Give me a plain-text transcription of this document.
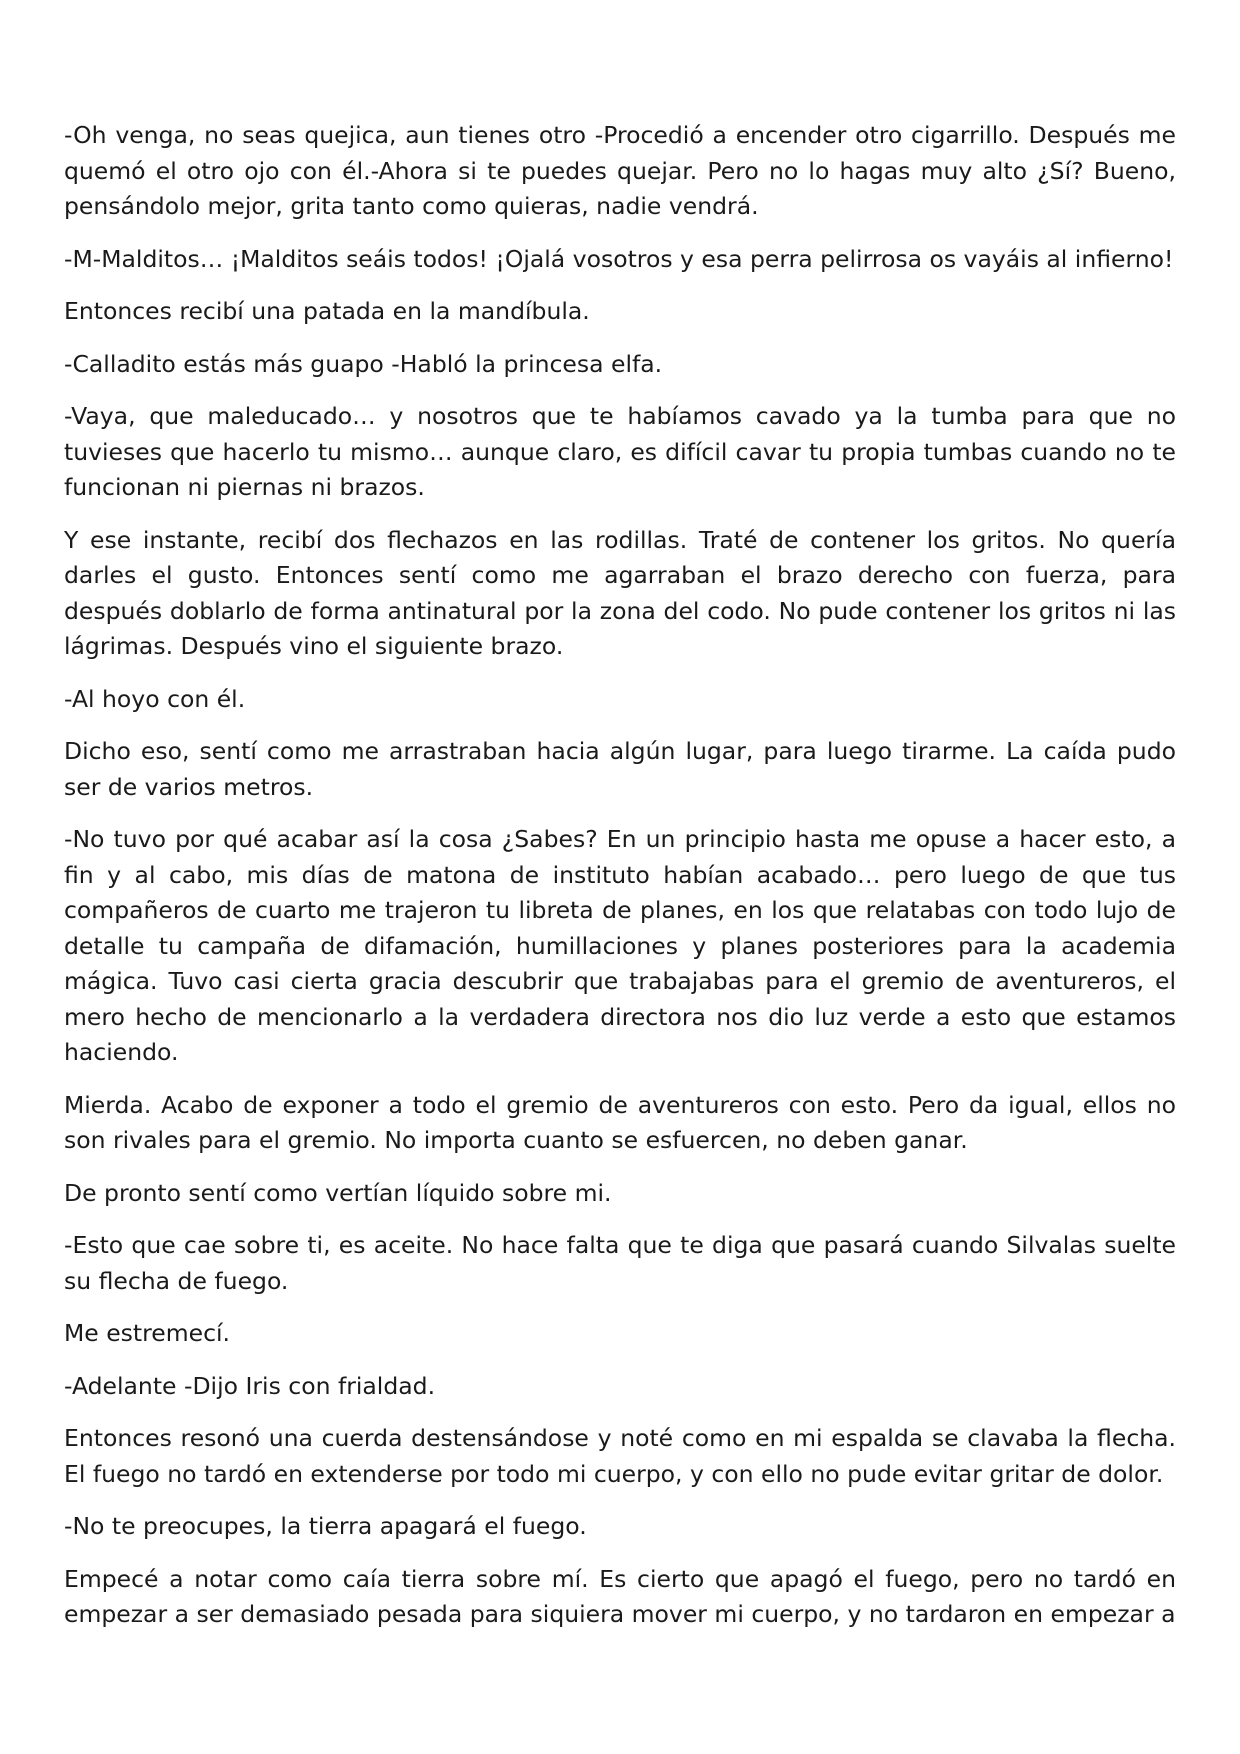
-Oh venga, no seas quejica, aun tienes otro -Procedió a encender otro cigarrillo. Después me quemó el otro ojo con él.-Ahora si te puedes quejar. Pero no lo hagas muy alto ¿Sí? Bueno, pensándolo mejor, grita tanto como quieras, nadie vendrá.

-M-Malditos… ¡Malditos seáis todos! ¡Ojalá vosotros y esa perra pelirrosa os vayáis al infierno!

Entonces recibí una patada en la mandíbula.

-Calladito estás más guapo -Habló la princesa elfa.

-Vaya, que maleducado… y nosotros que te habíamos cavado ya la tumba para que no tuvieses que hacerlo tu mismo… aunque claro, es difícil cavar tu propia tumbas cuando no te funcionan ni piernas ni brazos.

Y ese instante, recibí dos flechazos en las rodillas. Traté de contener los gritos. No quería darles el gusto. Entonces sentí como me agarraban el brazo derecho con fuerza, para después doblarlo de forma antinatural por la zona del codo. No pude contener los gritos ni las lágrimas. Después vino el siguiente brazo.

-Al hoyo con él.

Dicho eso, sentí como me arrastraban hacia algún lugar, para luego tirarme. La caída pudo ser de varios metros.

-No tuvo por qué acabar así la cosa ¿Sabes? En un principio hasta me opuse a hacer esto, a fin y al cabo, mis días de matona de instituto habían acabado… pero luego de que tus compañeros de cuarto me trajeron tu libreta de planes, en los que relatabas con todo lujo de detalle tu campaña de difamación, humillaciones y planes posteriores para la academia mágica. Tuvo casi cierta gracia descubrir que trabajabas para el gremio de aventureros, el mero hecho de mencionarlo a la verdadera directora nos dio luz verde a esto que estamos haciendo.

Mierda. Acabo de exponer a todo el gremio de aventureros con esto. Pero da igual, ellos no son rivales para el gremio. No importa cuanto se esfuercen, no deben ganar.

De pronto sentí como vertían líquido sobre mi.

-Esto que cae sobre ti, es aceite. No hace falta que te diga que pasará cuando Silvalas suelte su flecha de fuego.

Me estremecí.

-Adelante -Dijo Iris con frialdad.

Entonces resonó una cuerda destensándose y noté como en mi espalda se clavaba la flecha. El fuego no tardó en extenderse por todo mi cuerpo, y con ello no pude evitar gritar de dolor.

-No te preocupes, la tierra apagará el fuego.

Empecé a notar como caía tierra sobre mí. Es cierto que apagó el fuego, pero no tardó en empezar a ser demasiado pesada para siquiera mover mi cuerpo, y no tardaron en empezar a
